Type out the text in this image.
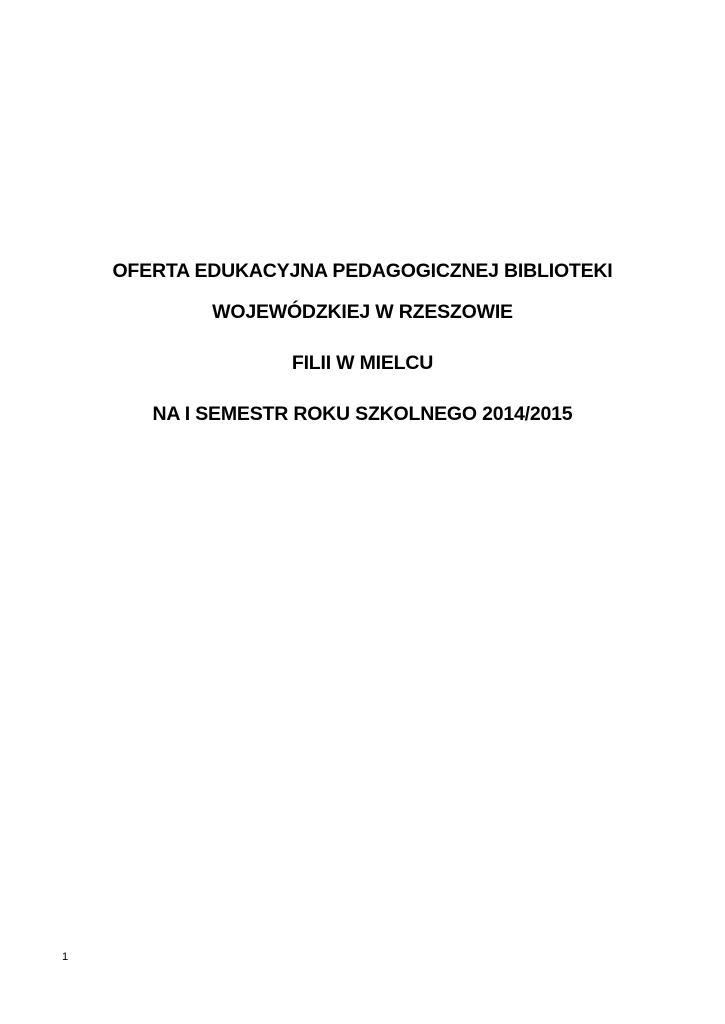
OFERTA EDUKACYJNA PEDAGOGICZNEJ BIBLIOTEKI
WOJEWÓDZKIEJ W RZESZOWIE
FILII W MIELCU
NA I SEMESTR ROKU SZKOLNEGO 2014/2015
1
